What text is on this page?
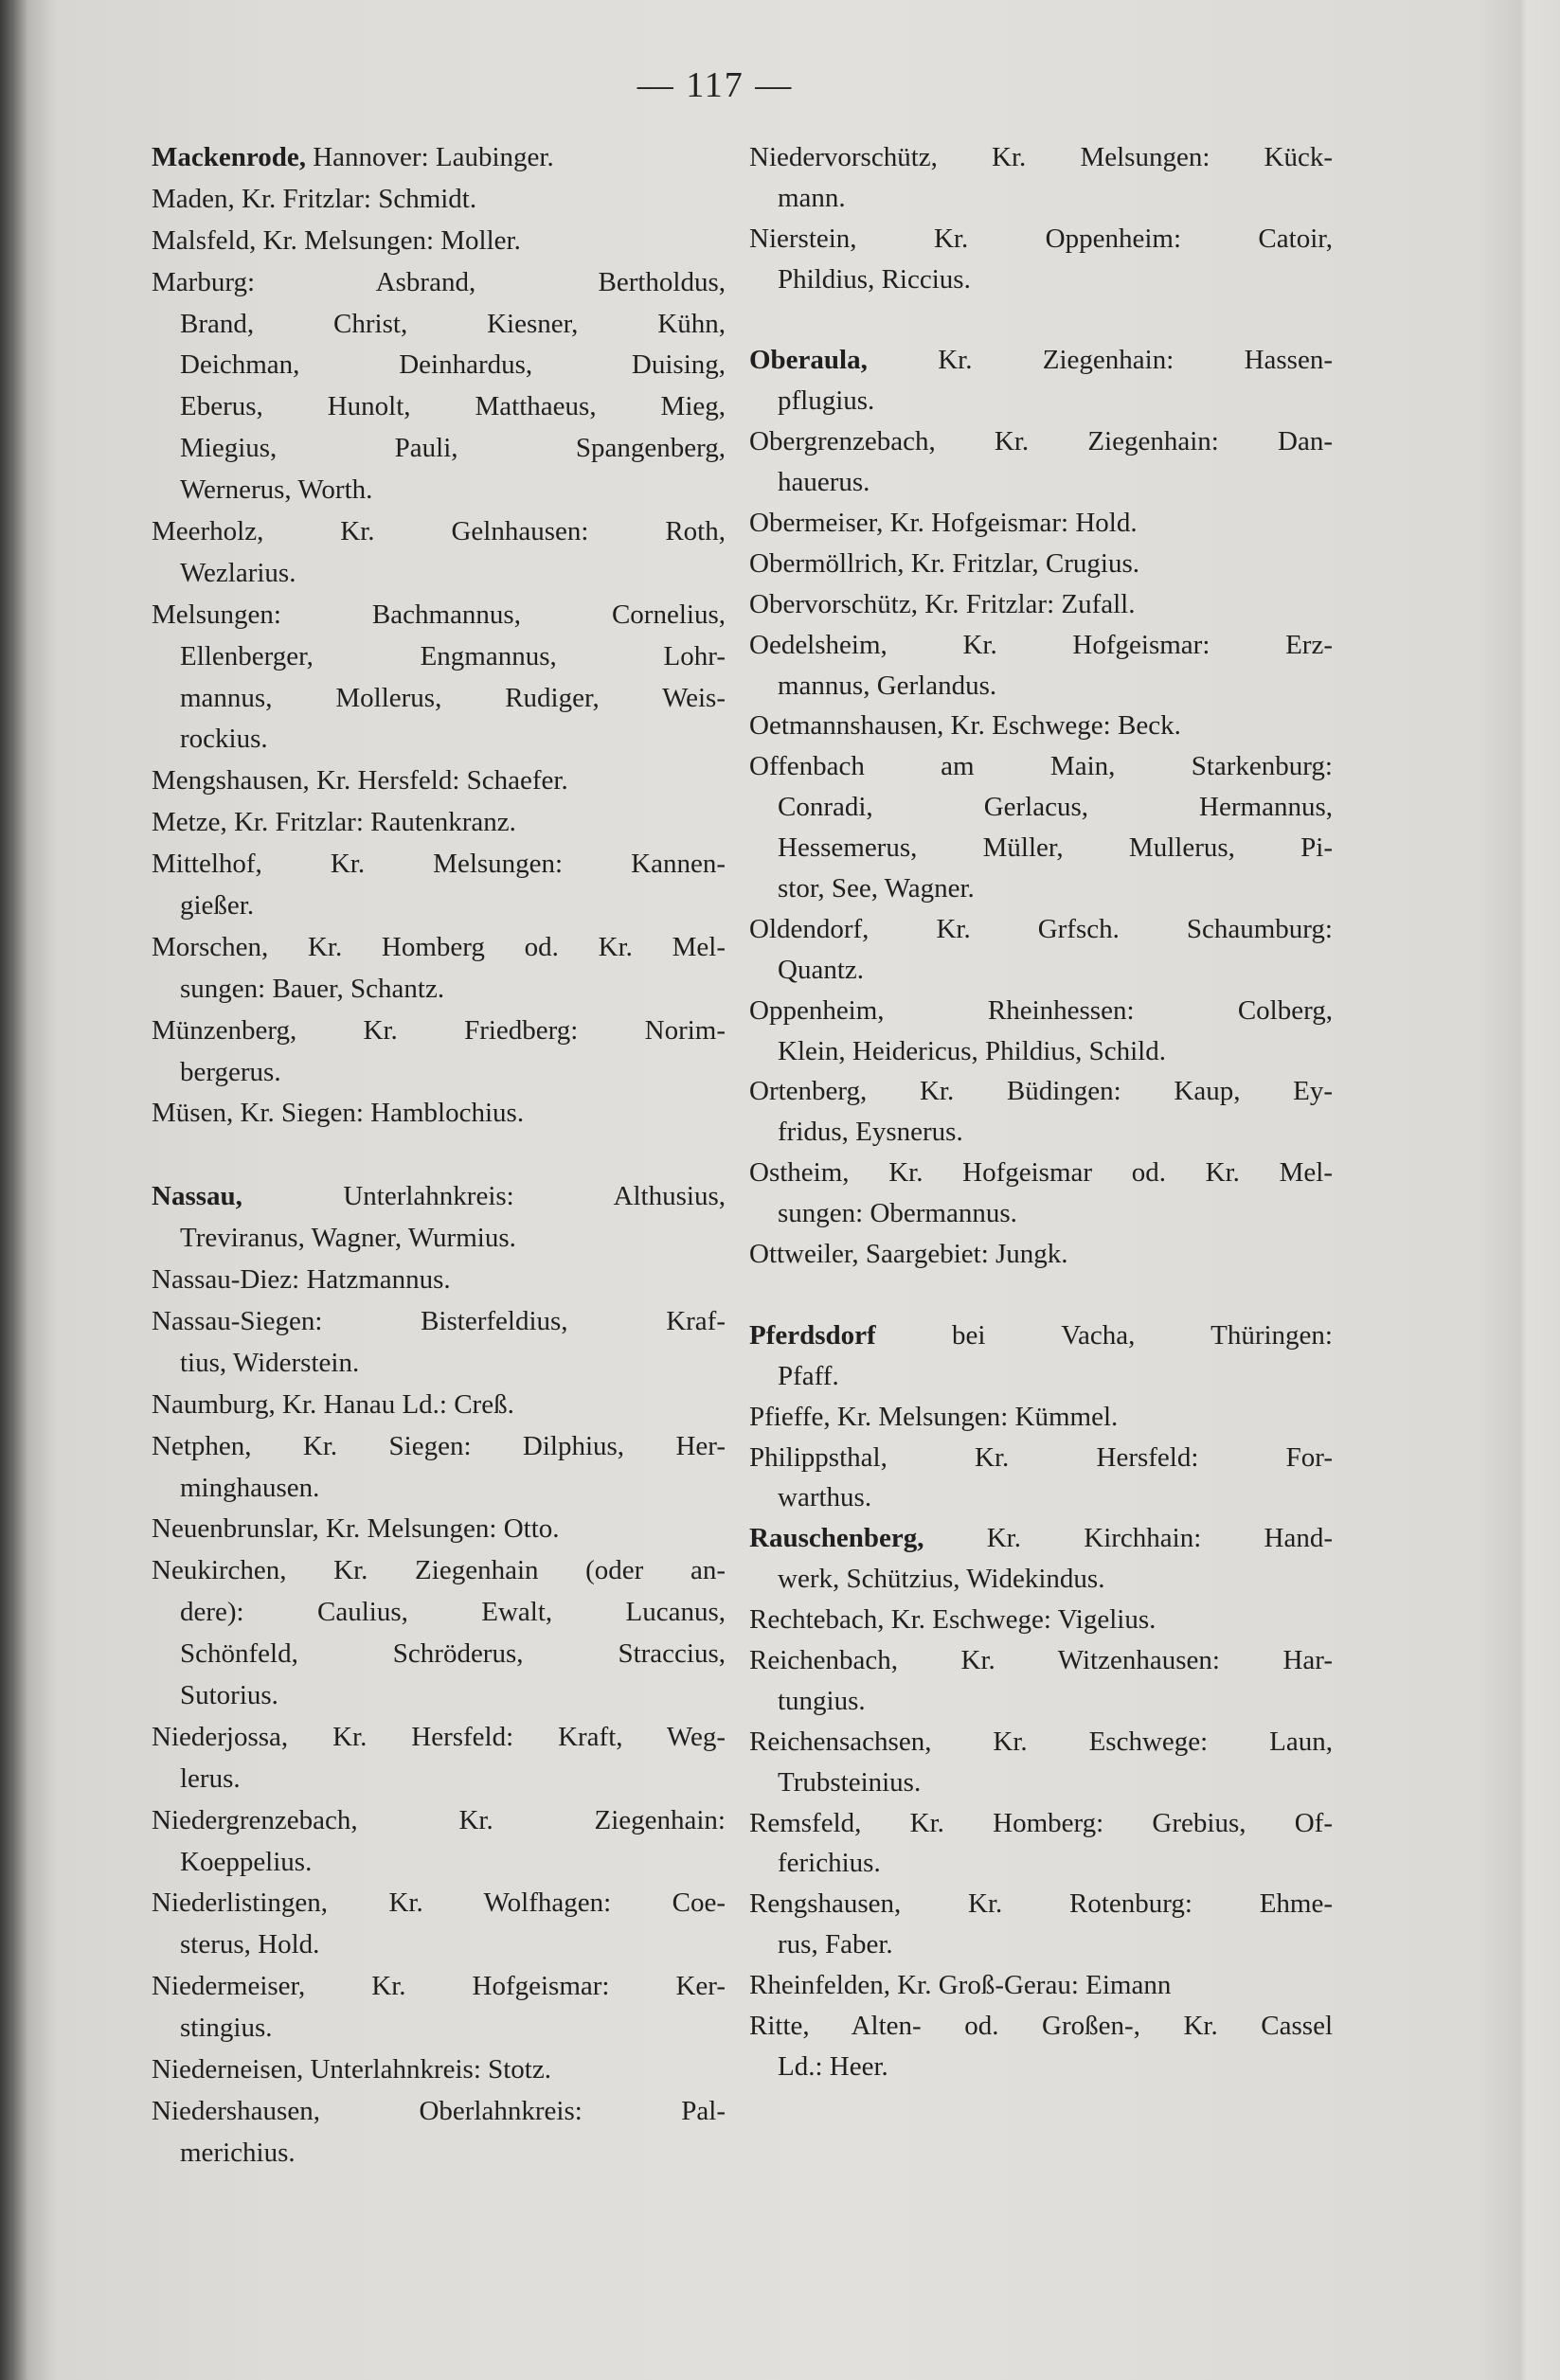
— 117 —
Mackenrode, Hannover: Laubinger.
Maden, Kr. Fritzlar: Schmidt.
Malsfeld, Kr. Melsungen: Moller.
Marburg: Asbrand, Bertholdus,
Brand, Christ, Kiesner, Kühn,
Deichman, Deinhardus, Duising,
Eberus, Hunolt, Matthaeus, Mieg,
Miegius, Pauli, Spangenberg,
Wernerus, Worth.
Meerholz, Kr. Gelnhausen: Roth,
Wezlarius.
Melsungen: Bachmannus, Cornelius,
Ellenberger, Engmannus, Lohr-
mannus, Mollerus, Rudiger, Weis-
rockius.
Mengshausen, Kr. Hersfeld: Schaefer.
Metze, Kr. Fritzlar: Rautenkranz.
Mittelhof, Kr. Melsungen: Kannen-
gießer.
Morschen, Kr. Homberg od. Kr. Mel-
sungen: Bauer, Schantz.
Münzenberg, Kr. Friedberg: Norim-
bergerus.
Müsen, Kr. Siegen: Hamblochius.
Nassau, Unterlahnkreis: Althusius,
Treviranus, Wagner, Wurmius.
Nassau-Diez: Hatzmannus.
Nassau-Siegen: Bisterfeldius, Kraf-
tius, Widerstein.
Naumburg, Kr. Hanau Ld.: Creß.
Netphen, Kr. Siegen: Dilphius, Her-
minghausen.
Neuenbrunslar, Kr. Melsungen: Otto.
Neukirchen, Kr. Ziegenhain (oder an-
dere): Caulius, Ewalt, Lucanus,
Schönfeld, Schröderus, Straccius,
Sutorius.
Niederjossa, Kr. Hersfeld: Kraft, Weg-
lerus.
Niedergrenzebach, Kr. Ziegenhain:
Koeppelius.
Niederlistingen, Kr. Wolfhagen: Coe-
sterus, Hold.
Niedermeiser, Kr. Hofgeismar: Ker-
stingius.
Niederneisen, Unterlahnkreis: Stotz.
Niedershausen, Oberlahnkreis: Pal-
merichius.
Niedervorschütz, Kr. Melsungen: Kück-
mann.
Nierstein, Kr. Oppenheim: Catoir,
Phildius, Riccius.
Oberaula, Kr. Ziegenhain: Hassen-
pflugius.
Obergrenzebach, Kr. Ziegenhain: Dan-
hauerus.
Obermeiser, Kr. Hofgeismar: Hold.
Obermöllrich, Kr. Fritzlar, Crugius.
Obervorschütz, Kr. Fritzlar: Zufall.
Oedelsheim, Kr. Hofgeismar: Erz-
mannus, Gerlandus.
Oetmannshausen, Kr. Eschwege: Beck.
Offenbach am Main, Starkenburg:
Conradi, Gerlacus, Hermannus,
Hessemerus, Müller, Mullerus, Pi-
stor, See, Wagner.
Oldendorf, Kr. Grfsch. Schaumburg:
Quantz.
Oppenheim, Rheinhessen: Colberg,
Klein, Heidericus, Phildius, Schild.
Ortenberg, Kr. Büdingen: Kaup, Ey-
fridus, Eysnerus.
Ostheim, Kr. Hofgeismar od. Kr. Mel-
sungen: Obermannus.
Ottweiler, Saargebiet: Jungk.
Pferdsdorf bei Vacha, Thüringen:
Pfaff.
Pfieffe, Kr. Melsungen: Kümmel.
Philippsthal, Kr. Hersfeld: For-
warthus.
Rauschenberg, Kr. Kirchhain: Hand-
werk, Schützius, Widekindus.
Rechtebach, Kr. Eschwege: Vigelius.
Reichenbach, Kr. Witzenhausen: Har-
tungius.
Reichensachsen, Kr. Eschwege: Laun,
Trubsteinius.
Remsfeld, Kr. Homberg: Grebius, Of-
ferichius.
Rengshausen, Kr. Rotenburg: Ehme-
rus, Faber.
Rheinfelden, Kr. Groß-Gerau: Eimann
Ritte, Alten- od. Großen-, Kr. Cassel
Ld.: Heer.
